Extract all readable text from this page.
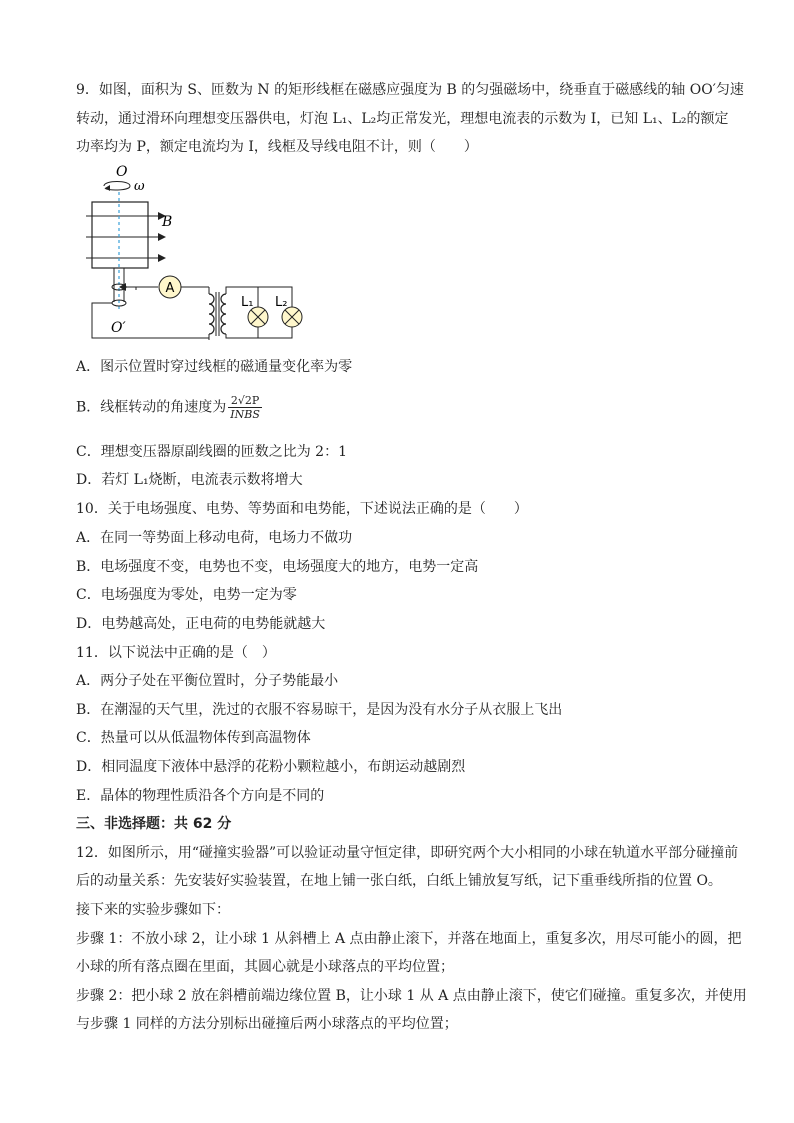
9．如图，面积为 S、匝数为 N 的矩形线框在磁感应强度为 B 的匀强磁场中，绕垂直于磁感线的轴 OO′匀速
转动，通过滑环向理想变压器供电，灯泡 L₁、L₂均正常发光，理想电流表的示数为 I，已知 L₁、L₂的额定
功率均为 P，额定电流均为 I，线框及导线电阻不计，则（　　）
O
ω
B
O′
A
L₁ L₂
A．图示位置时穿过线框的磁通量变化率为零
B．线框转动的角速度为 $\frac{2√2P}{\text{INBS}}$
C．理想变压器原副线圈的匝数之比为 2：1
D．若灯 L₁烧断，电流表示数将增大
10．关于电场强度、电势、等势面和电势能，下述说法正确的是（　　）
A．在同一等势面上移动电荷，电场力不做功
B．电场强度不变，电势也不变，电场强度大的地方，电势一定高
C．电场强度为零处，电势一定为零
D．电势越高处，正电荷的电势能就越大
11．以下说法中正确的是（　）
A．两分子处在平衡位置时，分子势能最小
B．在潮湿的天气里，洗过的衣服不容易晾干，是因为没有水分子从衣服上飞出
C．热量可以从低温物体传到高温物体
D．相同温度下液体中悬浮的花粉小颗粒越小，布朗运动越剧烈
E．晶体的物理性质沿各个方向是不同的
三、非选择题：共 62 分
12．如图所示，用“碰撞实验器”可以验证动量守恒定律，即研究两个大小相同的小球在轨道水平部分碰撞前
后的动量关系：先安装好实验装置，在地上铺一张白纸，白纸上铺放复写纸，记下重垂线所指的位置 O。
接下来的实验步骤如下：
步骤 1：不放小球 2，让小球 1 从斜槽上 A 点由静止滚下，并落在地面上，重复多次，用尽可能小的圆，把
小球的所有落点圈在里面，其圆心就是小球落点的平均位置；
步骤 2：把小球 2 放在斜槽前端边缘位置 B，让小球 1 从 A 点由静止滚下，使它们碰撞。重复多次，并使用
与步骤 1 同样的方法分别标出碰撞后两小球落点的平均位置；
